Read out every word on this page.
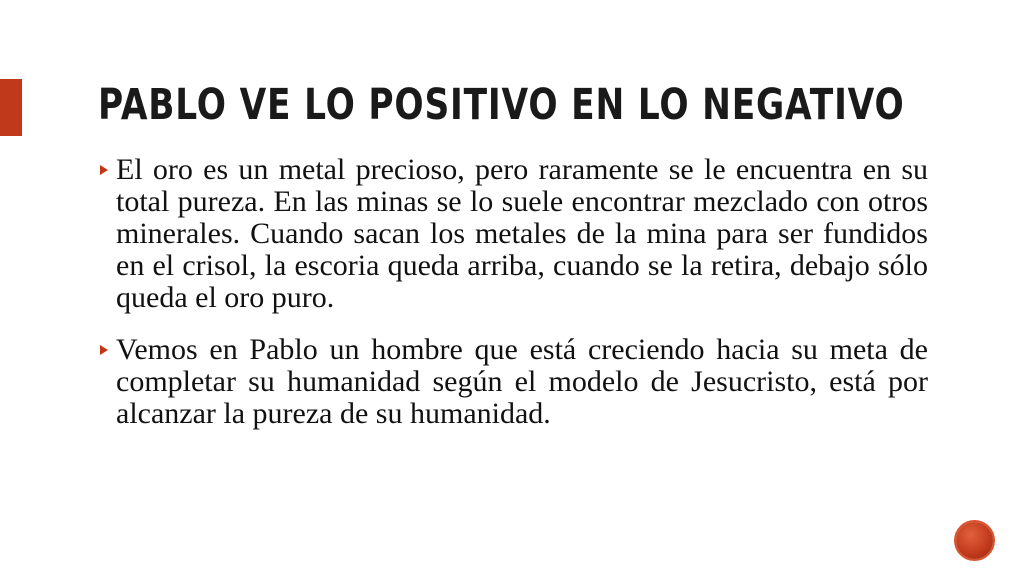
PABLO VE LO POSITIVO EN LO NEGATIVO
El oro es un metal precioso, pero raramente se le encuentra en su total pureza. En las minas se lo suele encontrar mezclado con otros minerales. Cuando sacan los metales de la mina para ser fundidos en el crisol, la escoria queda arriba, cuando se la retira, debajo sólo queda el oro puro.
Vemos en Pablo un hombre que está creciendo hacia su meta de completar su humanidad según el modelo de Jesucristo, está por alcanzar la pureza de su humanidad.
